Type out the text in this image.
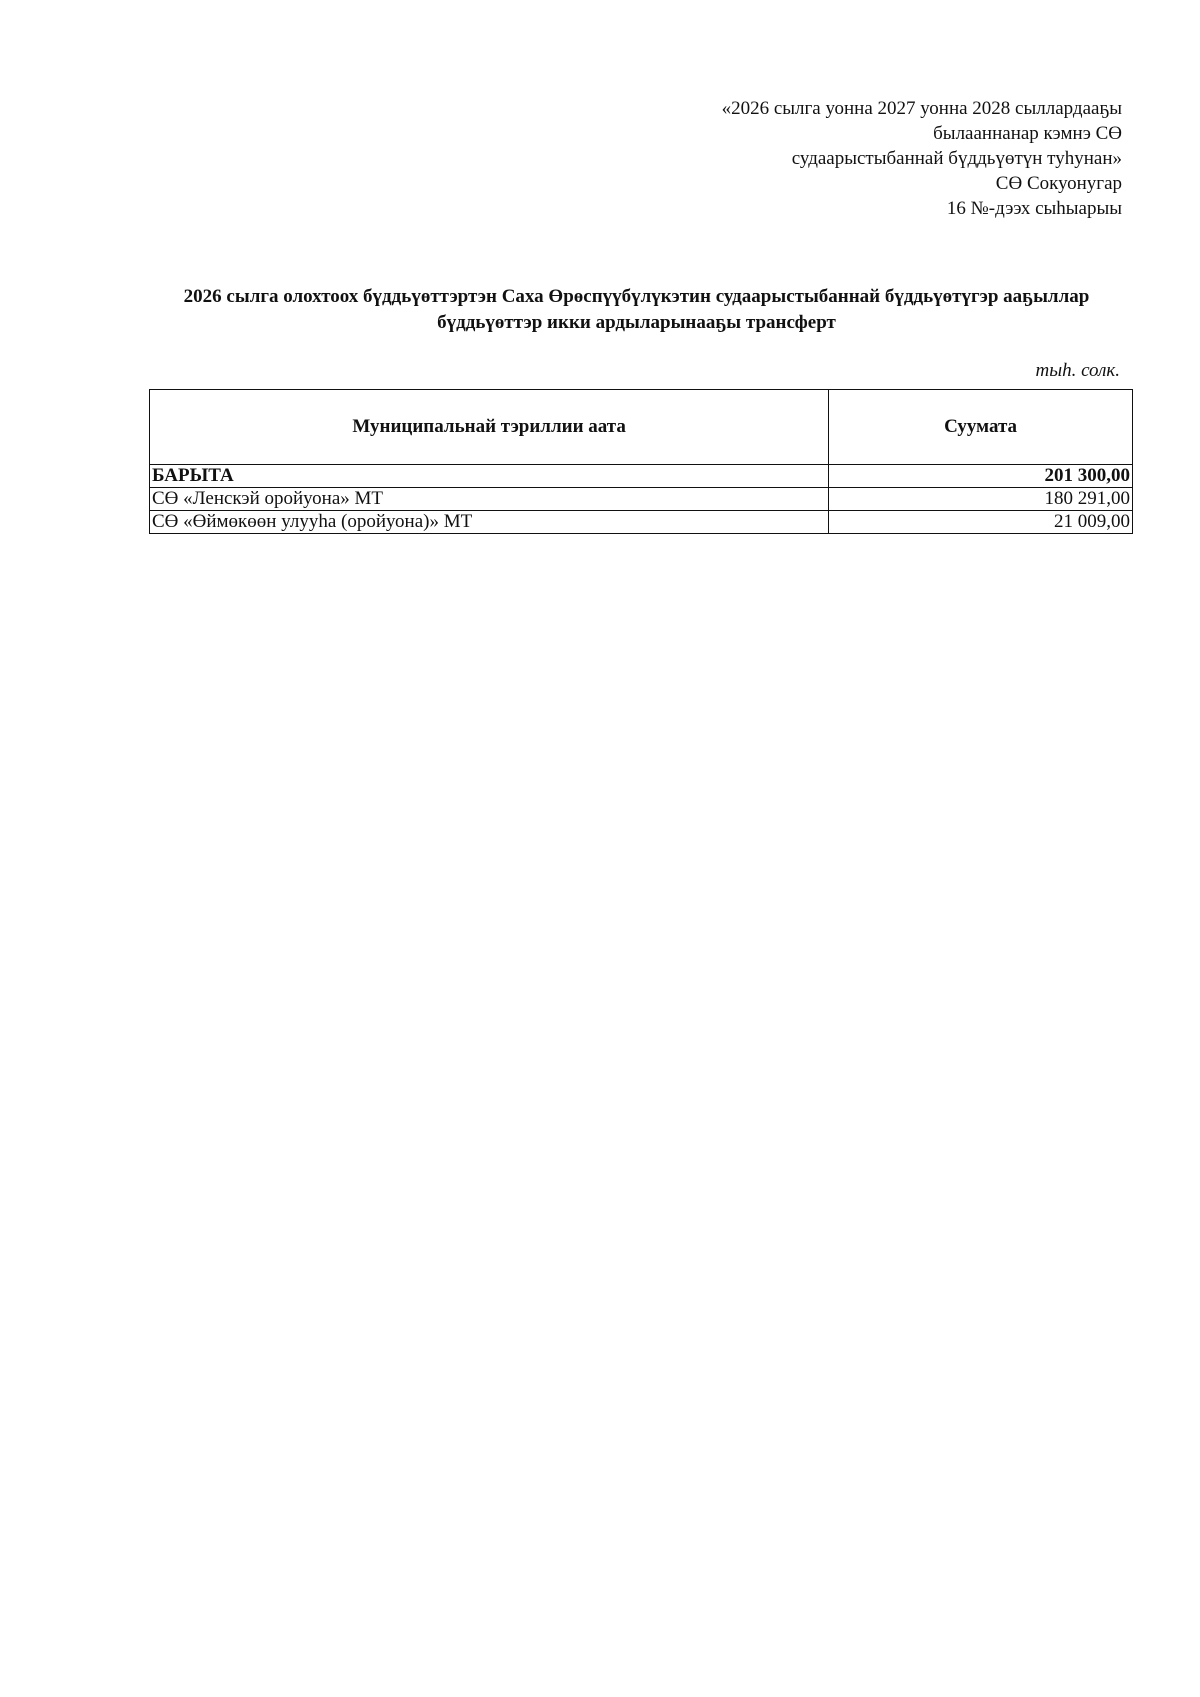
«2026 сылга уонна 2027 уонна 2028 сыллардааҕы
былааннанар кэмнэ СӨ
судаарыстыбаннай бүддьүөтүн туһунан»
СӨ Сокуонугар
16 №-дээх сыһыарыы
2026 сылга олохтоох бүддьүөттэртэн Саха Өрөспүүбүлүкэтин судаарыстыбаннай бүддьүөтүгэр ааҕыллар
бүддьүөттэр икки ардыларынааҕы трансферт
тыһ. солк.
Муниципальнай тэриллии аата	Суумата
БАРЫТА	201 300,00
СӨ «Ленскэй оройуона» МТ	180 291,00
СӨ «Өймөкөөн улууһа (оройуона)» МТ	21 009,00
